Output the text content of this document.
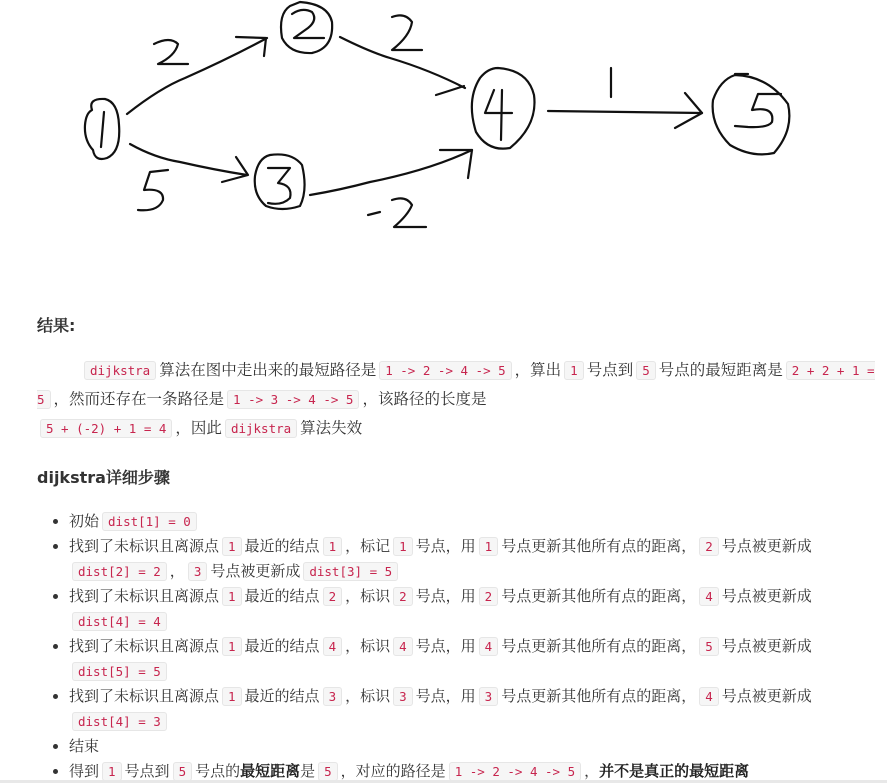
结果:

dijkstra 算法在图中走出来的最短路径是 1 -> 2 -> 4 -> 5 ，算出 1 号点到 5 号点的最短距离是 2 + 2 + 1 = 5 ，然而还存在一条路径是 1 -> 3 -> 4 -> 5 ，该路径的长度是
5 + (-2) + 1 = 4 ，因此 dijkstra 算法失效

dijkstra详细步骤
• 初始 dist[1] = 0
• 找到了未标识且离源点 1 最近的结点 1 ，标记 1 号点，用 1 号点更新其他所有点的距离， 2 号点被更新成
dist[2] = 2 ， 3 号点被更新成 dist[3] = 5
• 找到了未标识且离源点 1 最近的结点 2 ，标识 2 号点，用 2 号点更新其他所有点的距离， 4 号点被更新成
dist[4] = 4
• 找到了未标识且离源点 1 最近的结点 4 ，标识 4 号点，用 4 号点更新其他所有点的距离， 5 号点被更新成
dist[5] = 5
• 找到了未标识且离源点 1 最近的结点 3 ，标识 3 号点，用 3 号点更新其他所有点的距离， 4 号点被更新成
dist[4] = 3
• 结束
• 得到 1 号点到 5 号点的最短距离是 5 ，对应的路径是 1 -> 2 -> 4 -> 5 ，并不是真正的最短距离
